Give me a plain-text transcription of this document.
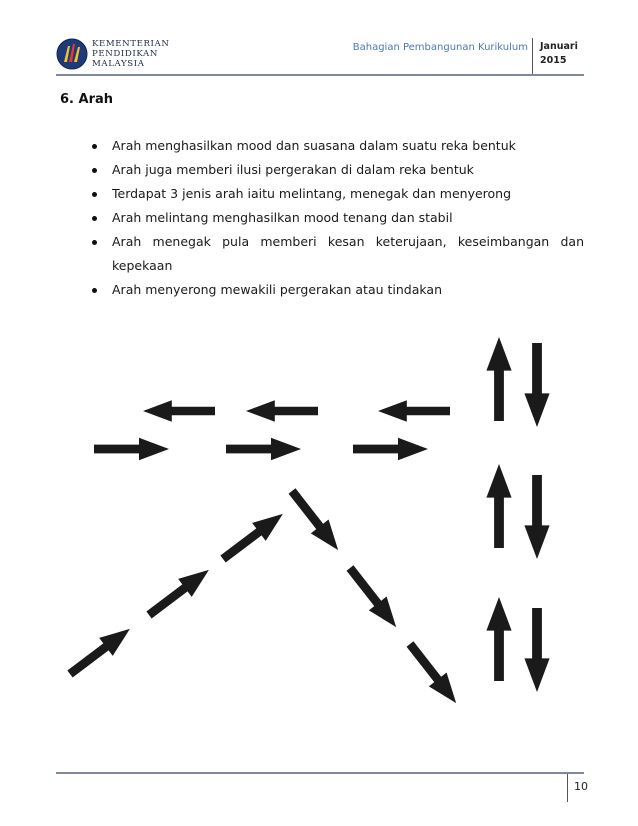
KEMENTERIAN
PENDIDIKAN
MALAYSIA
Bahagian Pembangunan Kurikulum Januari
2015
6. Arah
Arah menghasilkan mood dan suasana dalam suatu reka bentuk
Arah juga memberi ilusi pergerakan di dalam reka bentuk
Terdapat 3 jenis arah iaitu melintang, menegak dan menyerong
Arah melintang menghasilkan mood tenang dan stabil
Arah menegak pula memberi kesan keterujaan, keseimbangan dan kepekaan
Arah menyerong mewakili pergerakan atau tindakan
10
